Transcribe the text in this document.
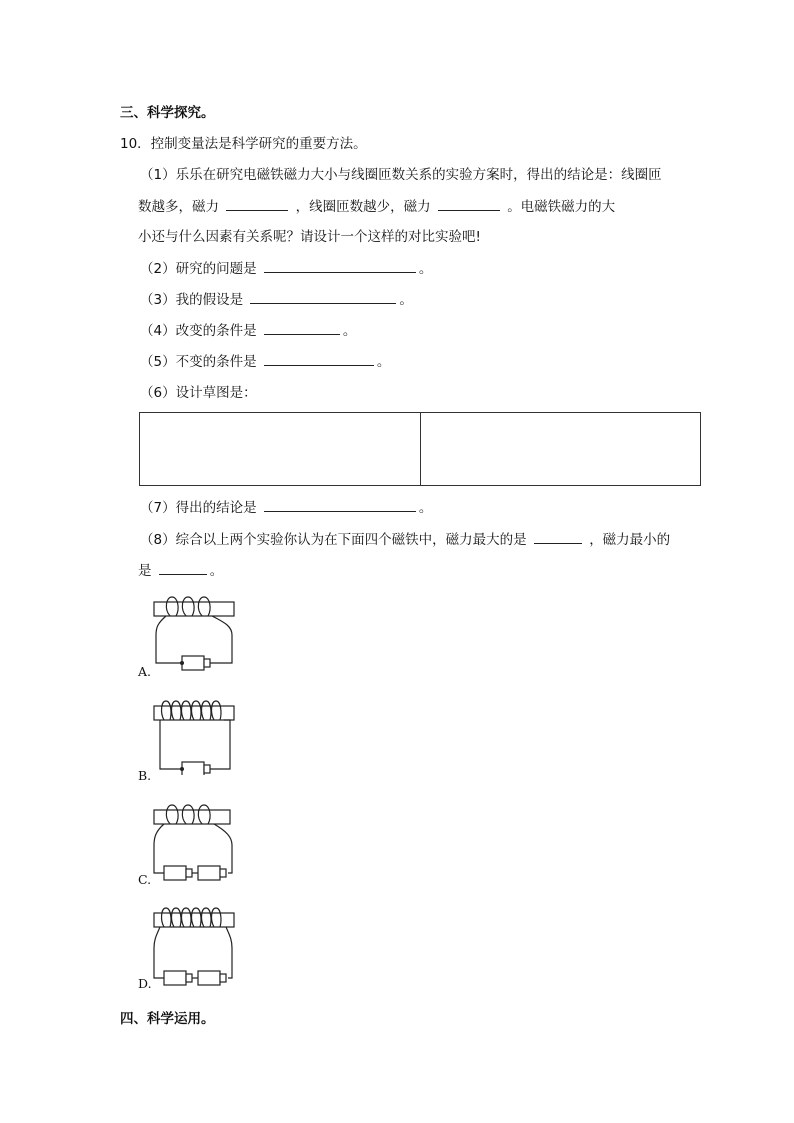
三、科学探究。
10．控制变量法是科学研究的重要方法。
（1）乐乐在研究电磁铁磁力大小与线圈匝数关系的实验方案时，得出的结论是：线圈匝
数越多，磁力	，线圈匝数越少，磁力	。电磁铁磁力的大
小还与什么因素有关系呢？请设计一个这样的对比实验吧!
（2）研究的问题是	。
（3）我的假设是	。
（4）改变的条件是	。
（5）不变的条件是	。
（6）设计草图是：
（7）得出的结论是	。
（8）综合以上两个实验你认为在下面四个磁铁中，磁力最大的是	，磁力最小的
是	。
A.
B.
C.
D.
四、科学运用。
